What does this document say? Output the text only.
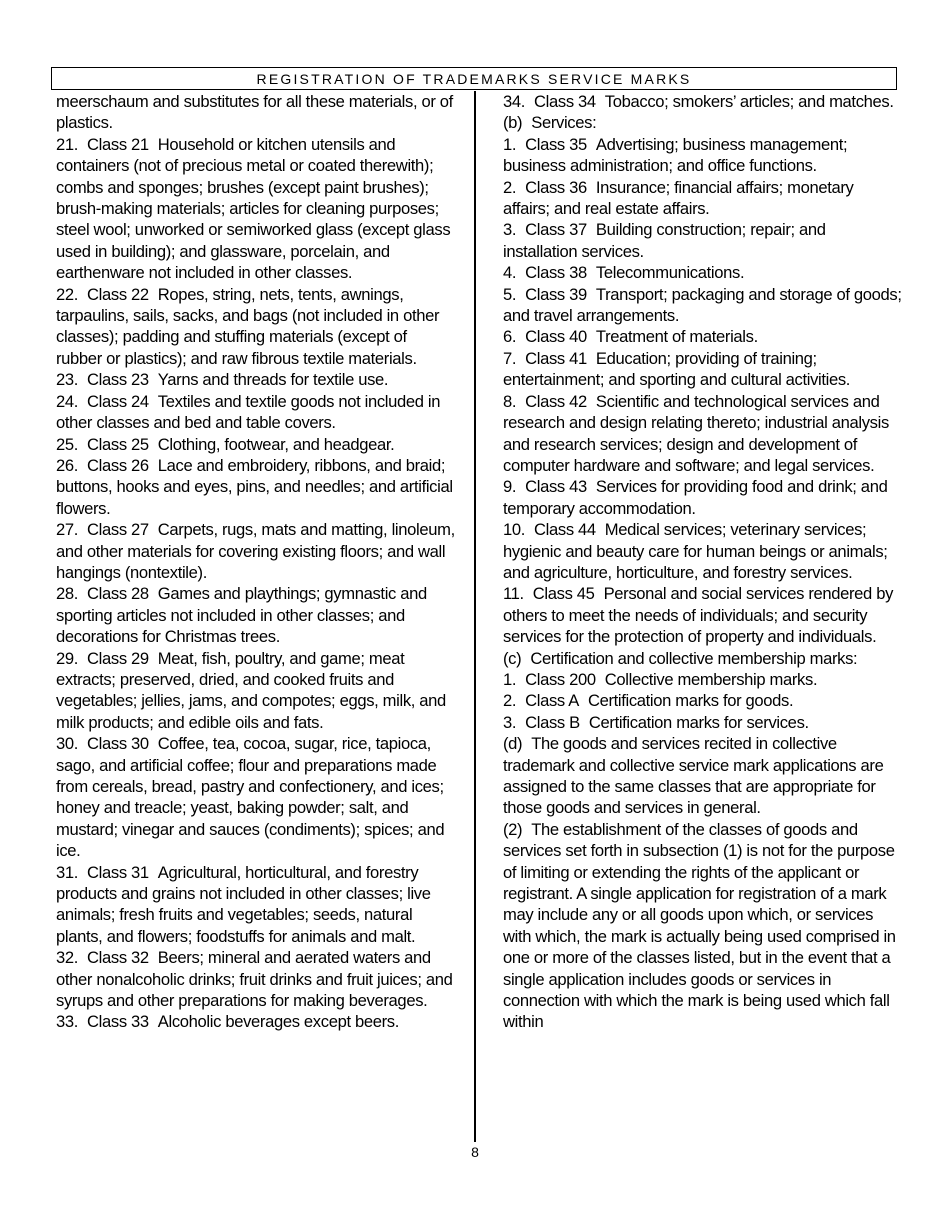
REGISTRATION OF TRADEMARKS SERVICE MARKS
meerschaum and substitutes for all these materials, or of plastics.
21. Class 21 Household or kitchen utensils and containers (not of precious metal or coated therewith); combs and sponges; brushes (except paint brushes); brush-making materials; articles for cleaning purposes; steel wool; unworked or semiworked glass (except glass used in building); and glassware, porcelain, and earthenware not included in other classes.
22. Class 22 Ropes, string, nets, tents, awnings, tarpaulins, sails, sacks, and bags (not included in other classes); padding and stuffing materials (except of rubber or plastics); and raw fibrous textile materials.
23. Class 23 Yarns and threads for textile use.
24. Class 24 Textiles and textile goods not included in other classes and bed and table covers.
25. Class 25 Clothing, footwear, and headgear.
26. Class 26 Lace and embroidery, ribbons, and braid; buttons, hooks and eyes, pins, and needles; and artificial flowers.
27. Class 27 Carpets, rugs, mats and matting, linoleum, and other materials for covering existing floors; and wall hangings (nontextile).
28. Class 28 Games and playthings; gymnastic and sporting articles not included in other classes; and decorations for Christmas trees.
29. Class 29 Meat, fish, poultry, and game; meat extracts; preserved, dried, and cooked fruits and vegetables; jellies, jams, and compotes; eggs, milk, and milk products; and edible oils and fats.
30. Class 30 Coffee, tea, cocoa, sugar, rice, tapioca, sago, and artificial coffee; flour and preparations made from cereals, bread, pastry and confectionery, and ices; honey and treacle; yeast, baking powder; salt, and mustard; vinegar and sauces (condiments); spices; and ice.
31. Class 31 Agricultural, horticultural, and forestry products and grains not included in other classes; live animals; fresh fruits and vegetables; seeds, natural plants, and flowers; foodstuffs for animals and malt.
32. Class 32 Beers; mineral and aerated waters and other nonalcoholic drinks; fruit drinks and fruit juices; and syrups and other preparations for making beverages.
33. Class 33 Alcoholic beverages except beers.
34. Class 34 Tobacco; smokers’ articles; and matches.
(b) Services:
1. Class 35 Advertising; business management; business administration; and office functions.
2. Class 36 Insurance; financial affairs; monetary affairs; and real estate affairs.
3. Class 37 Building construction; repair; and installation services.
4. Class 38 Telecommunications.
5. Class 39 Transport; packaging and storage of goods; and travel arrangements.
6. Class 40 Treatment of materials.
7. Class 41 Education; providing of training; entertainment; and sporting and cultural activities.
8. Class 42 Scientific and technological services and research and design relating thereto; industrial analysis and research services; design and development of computer hardware and software; and legal services.
9. Class 43 Services for providing food and drink; and temporary accommodation.
10. Class 44 Medical services; veterinary services; hygienic and beauty care for human beings or animals; and agriculture, horticulture, and forestry services.
11. Class 45 Personal and social services rendered by others to meet the needs of individuals; and security services for the protection of property and individuals.
(c) Certification and collective membership marks:
1. Class 200 Collective membership marks.
2. Class A Certification marks for goods.
3. Class B Certification marks for services.
(d) The goods and services recited in collective trademark and collective service mark applications are assigned to the same classes that are appropriate for those goods and services in general.
(2) The establishment of the classes of goods and services set forth in subsection (1) is not for the purpose of limiting or extending the rights of the applicant or registrant. A single application for registration of a mark may include any or all goods upon which, or services with which, the mark is actually being used comprised in one or more of the classes listed, but in the event that a single application includes goods or services in connection with which the mark is being used which fall within
8
